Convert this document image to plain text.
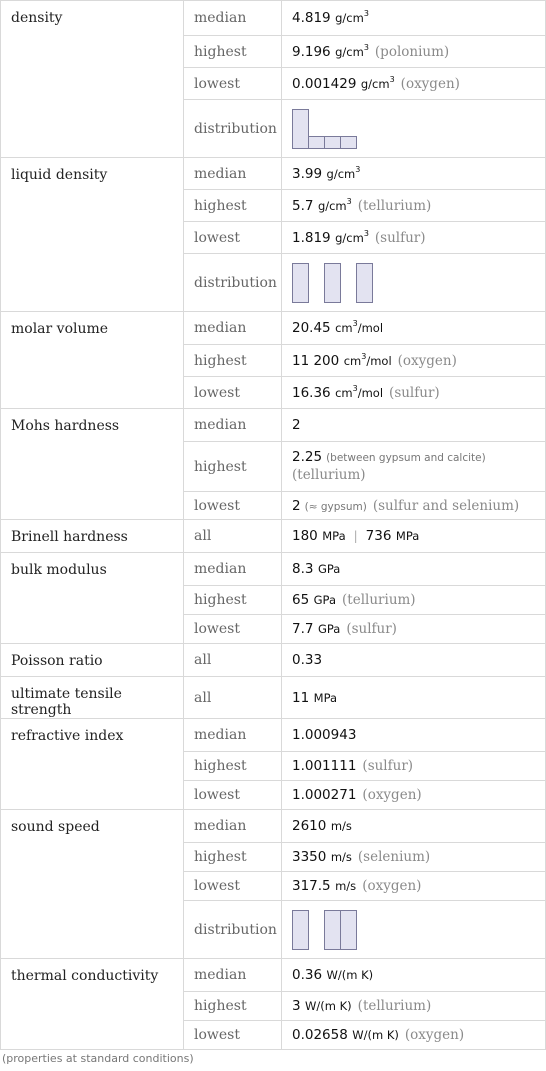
density	median	4.819 $g/cm^3$
	highest	9.196 $g/cm^3$ (polonium)
	lowest	0.001429 $g/cm^3$ (oxygen)
	distribution	

liquid density	median	3.99 $g/cm^3$
	highest	5.7 $g/cm^3$ (tellurium)
	lowest	1.819 $g/cm^3$ (sulfur)
	distribution	

molar volume	median	20.45 $cm^3$/mol
	highest	11 200 $cm^3$/mol (oxygen)
	lowest	16.36 $cm^3$/mol (sulfur)
Mohs hardness	median	2
	highest	2.25 (between gypsum and calcite)
(tellurium)
	lowest	2 (≈ gypsum) (sulfur and selenium)
Brinell hardness	all	180 MPa | 736 MPa
bulk modulus	median	8.3 GPa
	highest	65 GPa (tellurium)
	lowest	7.7 GPa (sulfur)
Poisson ratio	all	0.33
ultimate tensile strength	all	11 MPa
refractive index	median	1.000943
	highest	1.001111 (sulfur)
	lowest	1.000271 (oxygen)
sound speed	median	2610 m/s
	highest	3350 m/s (selenium)
	lowest	317.5 m/s (oxygen)
	distribution	

thermal conductivity	median	0.36 W/(m K)
	highest	3 W/(m K) (tellurium)
	lowest	0.02658 W/(m K) (oxygen)
(properties at standard conditions)
